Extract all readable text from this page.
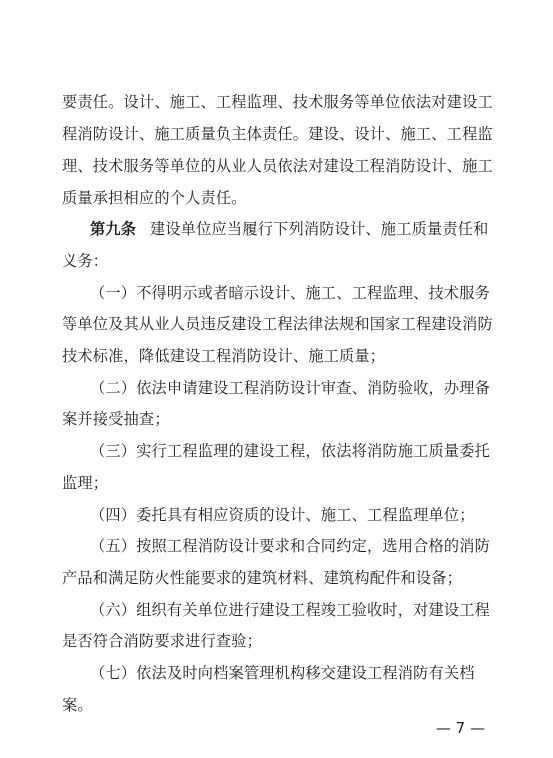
要责任。设计、施工、工程监理、技术服务等单位依法对建设工
程消防设计、施工质量负主体责任。建设、设计、施工、工程监
理、技术服务等单位的从业人员依法对建设工程消防设计、施工
质量承担相应的个人责任。
第九条 建设单位应当履行下列消防设计、施工质量责任和
义务：
（一）不得明示或者暗示设计、施工、工程监理、技术服务
等单位及其从业人员违反建设工程法律法规和国家工程建设消防
技术标准，降低建设工程消防设计、施工质量；
（二）依法申请建设工程消防设计审查、消防验收，办理备
案并接受抽查；
（三）实行工程监理的建设工程，依法将消防施工质量委托
监理；
（四）委托具有相应资质的设计、施工、工程监理单位；
（五）按照工程消防设计要求和合同约定，选用合格的消防
产品和满足防火性能要求的建筑材料、建筑构配件和设备；
（六）组织有关单位进行建设工程竣工验收时，对建设工程
是否符合消防要求进行查验；
（七）依法及时向档案管理机构移交建设工程消防有关档
案。
— 7 —
